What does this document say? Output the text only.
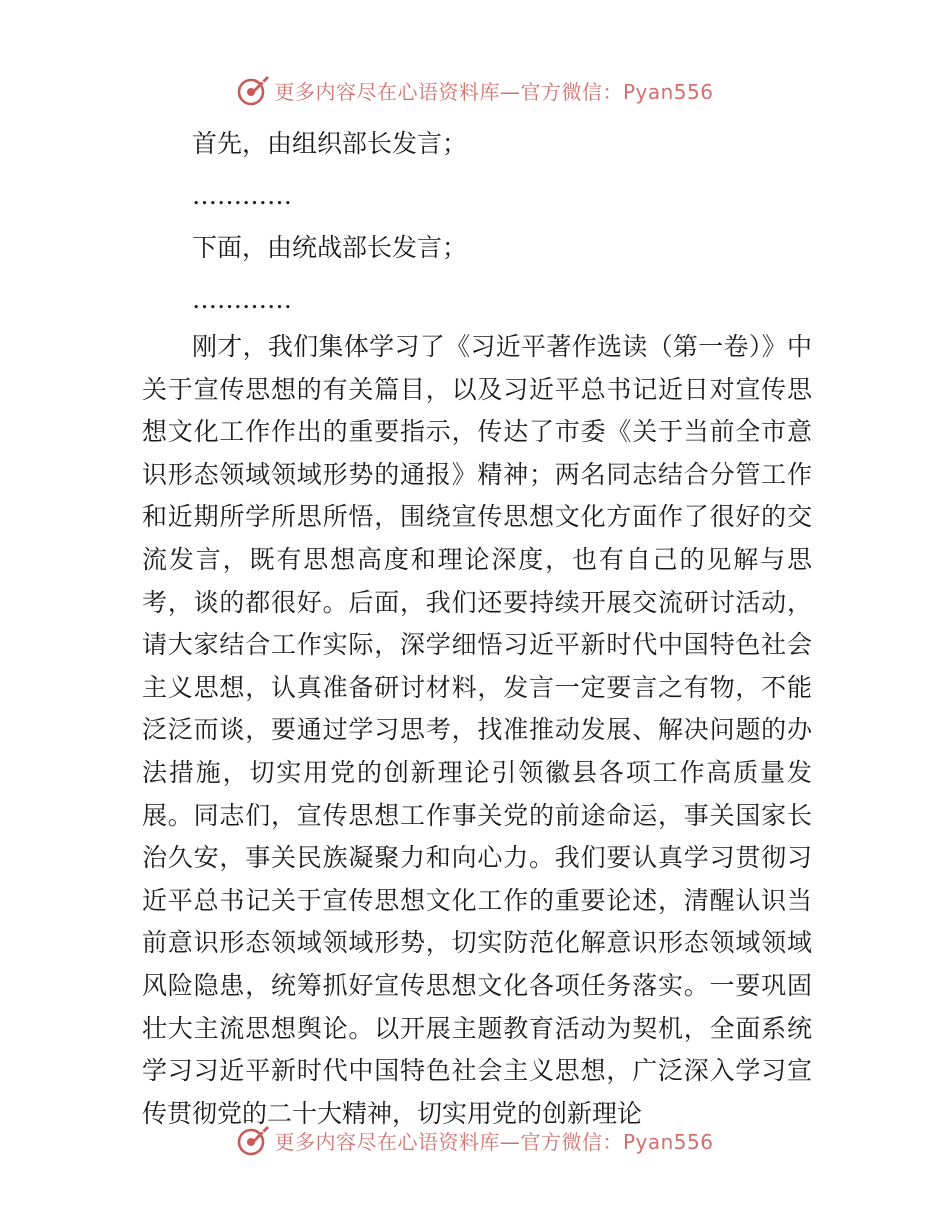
更多内容尽在心语资料库—官方微信：Pyan556
首先，由组织部长发言；
…………
下面，由统战部长发言；
…………

刚才，我们集体学习了《习近平著作选读（第一卷）》中关于宣传思想的有关篇目，以及习近平总书记近日对宣传思想文化工作作出的重要指示，传达了市委《关于当前全市意识形态领域领域形势的通报》精神；两名同志结合分管工作和近期所学所思所悟，围绕宣传思想文化方面作了很好的交流发言，既有思想高度和理论深度，也有自己的见解与思考，谈的都很好。后面，我们还要持续开展交流研讨活动，请大家结合工作实际，深学细悟习近平新时代中国特色社会主义思想，认真准备研讨材料，发言一定要言之有物，不能泛泛而谈，要通过学习思考，找准推动发展、解决问题的办法措施，切实用党的创新理论引领徽县各项工作高质量发展。同志们，宣传思想工作事关党的前途命运，事关国家长治久安，事关民族凝聚力和向心力。我们要认真学习贯彻习近平总书记关于宣传思想文化工作的重要论述，清醒认识当前意识形态领域领域形势，切实防范化解意识形态领域领域风险隐患，统筹抓好宣传思想文化各项任务落实。一要巩固壮大主流思想舆论。以开展主题教育活动为契机，全面系统学习习近平新时代中国特色社会主义思想，广泛深入学习宣传贯彻党的二十大精神，切实用党的创新理论

更多内容尽在心语资料库—官方微信：Pyan556
